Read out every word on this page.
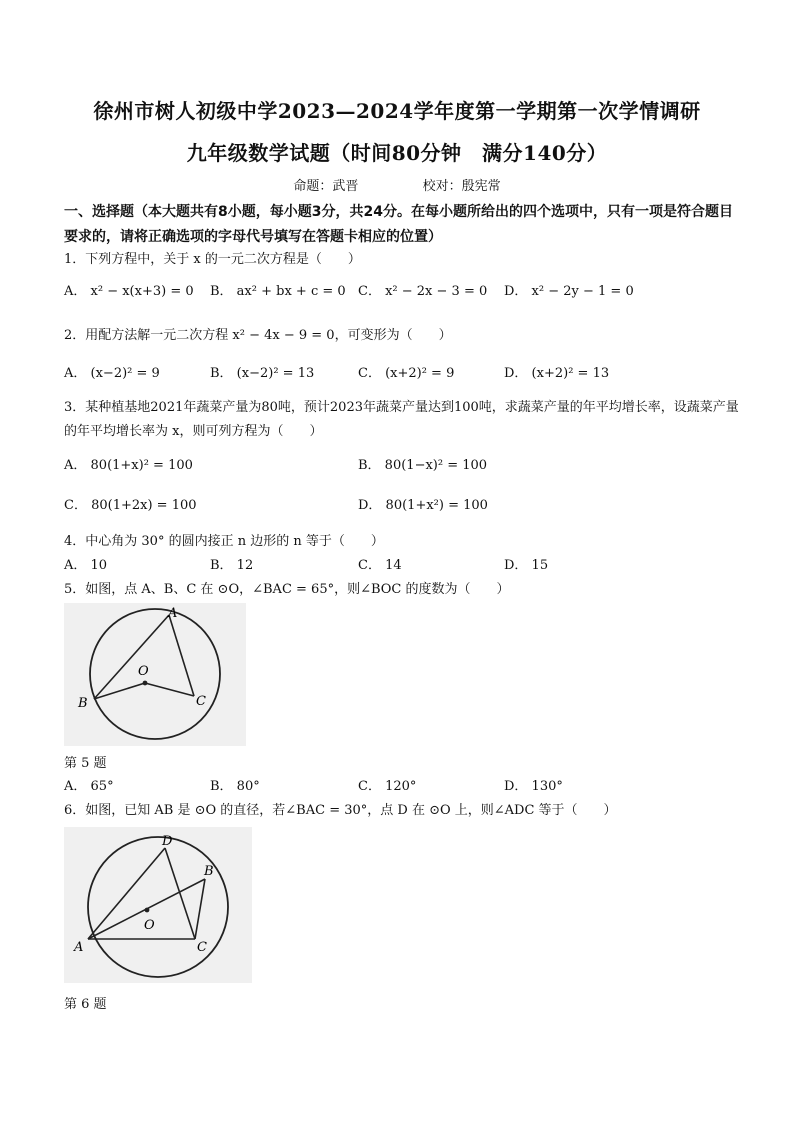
徐州市树人初级中学2023—2024学年度第一学期第一次学情调研
九年级数学试题（时间80分钟　满分140分）
命题：武晋	校对：殷宪常
一、选择题（本大题共有8小题，每小题3分，共24分。在每小题所给出的四个选项中，只有一项是符合题目要求的，请将正确选项的字母代号填写在答题卡相应的位置）
1．下列方程中，关于 x 的一元二次方程是（　　）
A． x² − x(x+3) = 0 B． ax² + bx + c = 0 C． x² − 2x − 3 = 0 D． x² − 2y − 1 = 0
2．用配方法解一元二次方程 x² − 4x − 9 = 0，可变形为（　　）
A． (x−2)² = 9	B． (x−2)² = 13	C． (x+2)² = 9	D． (x+2)² = 13
3．某种植基地2021年蔬菜产量为80吨，预计2023年蔬菜产量达到100吨，求蔬菜产量的年平均增长率，设蔬菜产量的年平均增长率为 x，则可列方程为（　　）
A． 80(1+x)² = 100	B． 80(1−x)² = 100
C． 80(1+2x) = 100	D． 80(1+x²) = 100
4．中心角为 30° 的圆内接正 n 边形的 n 等于（　　）
A． 10	B． 12	C． 14	D． 15
5．如图，点 A、B、C 在 ⊙O，∠BAC = 65°，则∠BOC 的度数为（　　）
A
O
B	C
第 5 题
A． 65°	B． 80°	C． 120°	D． 130°
6．如图，已知 AB 是 ⊙O 的直径，若∠BAC = 30°，点 D 在 ⊙O 上，则∠ADC 等于（　　）
D
B
O
A	C
第 6 题
